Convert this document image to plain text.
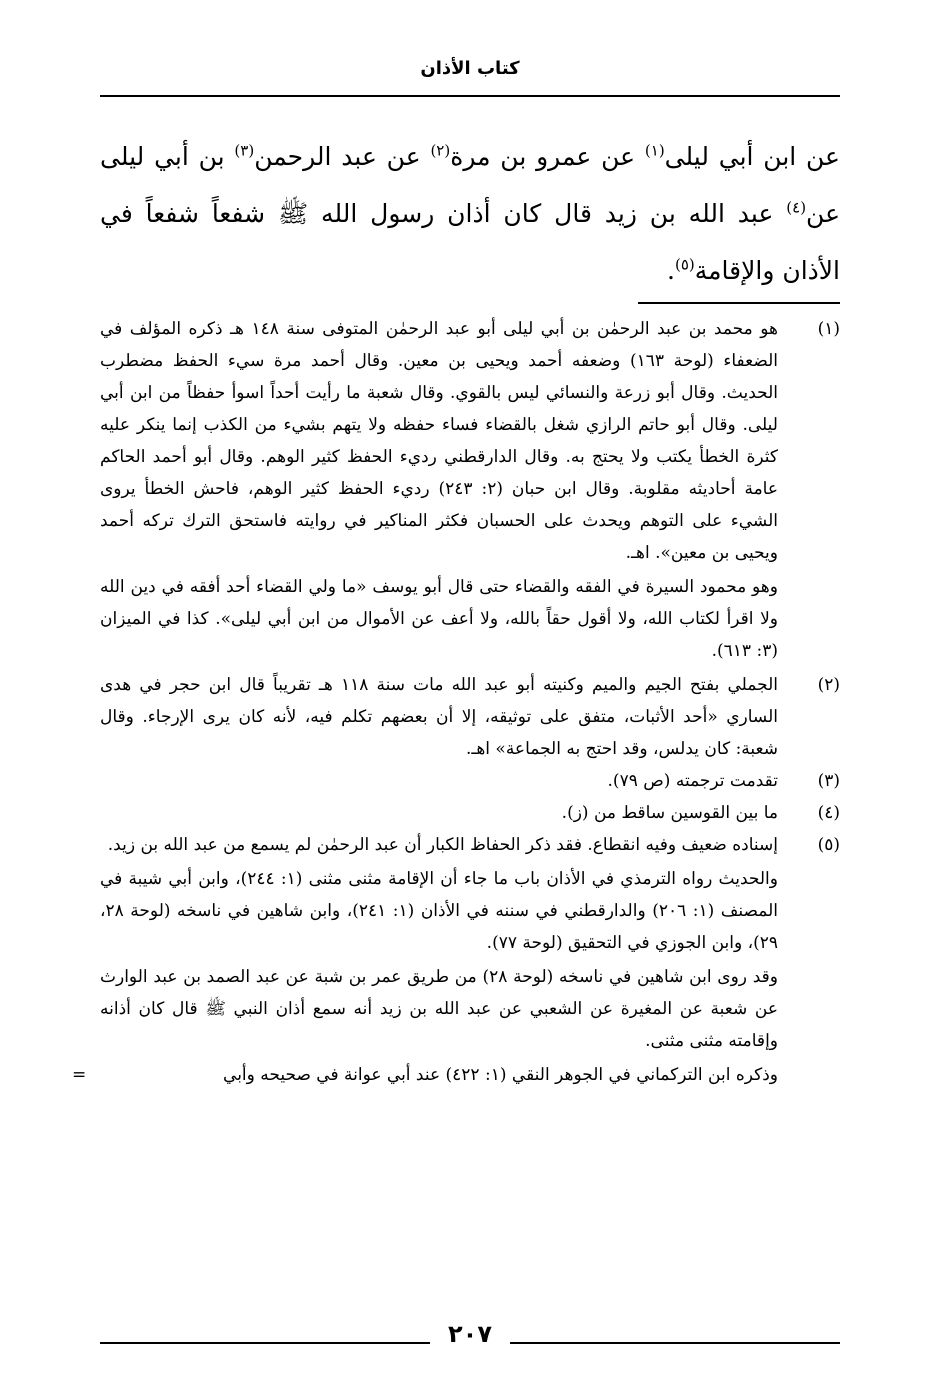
كتاب الأذان
عن ابن أبي ليلى$^{(١)}$ عن عمرو بن مرة$^{(٢)}$ عن عبد الرحمن$^{(٣)}$ بن أبي ليلى عن$^{(٤)}$ عبد الله بن زيد قال كان أذان رسول الله ﷺ شفعاً شفعاً في الأذان والإقامة$^{(٥)}$.
(١)
هو محمد بن عبد الرحمٰن بن أبي ليلى أبو عبد الرحمٰن المتوفى سنة ١٤٨ هـ ذكره المؤلف في الضعفاء (لوحة ١٦٣) وضعفه أحمد ويحيى بن معين. وقال أحمد مرة سيء الحفظ مضطرب الحديث. وقال أبو زرعة والنسائي ليس بالقوي. وقال شعبة ما رأيت أحداً اسوأ حفظاً من ابن أبي ليلى. وقال أبو حاتم الرازي شغل بالقضاء فساء حفظه ولا يتهم بشيء من الكذب إنما ينكر عليه كثرة الخطأ يكتب ولا يحتج به. وقال الدارقطني رديء الحفظ كثير الوهم. وقال أبو أحمد الحاكم عامة أحاديثه مقلوبة. وقال ابن حبان (٢: ٢٤٣) رديء الحفظ كثير الوهم، فاحش الخطأ يروى الشيء على التوهم ويحدث على الحسبان فكثر المناكير في روايته فاستحق الترك تركه أحمد ويحيى بن معين». اهـ.
وهو محمود السيرة في الفقه والقضاء حتى قال أبو يوسف «ما ولي القضاء أحد أفقه في دين الله ولا اقرأ لكتاب الله، ولا أقول حقاً بالله، ولا أعف عن الأموال من ابن أبي ليلى». كذا في الميزان (٣: ٦١٣).
(٢)
الجملي بفتح الجيم والميم وكنيته أبو عبد الله مات سنة ١١٨ هـ تقريباً قال ابن حجر في هدى الساري «أحد الأثبات، متفق على توثيقه، إلا أن بعضهم تكلم فيه، لأنه كان يرى الإرجاء. وقال شعبة: كان يدلس، وقد احتج به الجماعة» اهـ.
(٣)
تقدمت ترجمته (ص ٧٩).
(٤)
ما بين القوسين ساقط من (ز).
(٥)
إسناده ضعيف وفيه انقطاع. فقد ذكر الحفاظ الكبار أن عبد الرحمٰن لم يسمع من عبد الله بن زيد.
والحديث رواه الترمذي في الأذان باب ما جاء أن الإقامة مثنى مثنى (١: ٢٤٤)، وابن أبي شيبة في المصنف (١: ٢٠٦) والدارقطني في سننه في الأذان (١: ٢٤١)، وابن شاهين في ناسخه (لوحة ٢٨، ٢٩)، وابن الجوزي في التحقيق (لوحة ٧٧).
وقد روى ابن شاهين في ناسخه (لوحة ٢٨) من طريق عمر بن شبة عن عبد الصمد بن عبد الوارث عن شعبة عن المغيرة عن الشعبي عن عبد الله بن زيد أنه سمع أذان النبي ﷺ قال كان أذانه وإقامته مثنى مثنى.
وذكره ابن التركماني في الجوهر النقي (١: ٤٢٢) عند أبي عوانة في صحيحه وأبي
=
٢٠٧
